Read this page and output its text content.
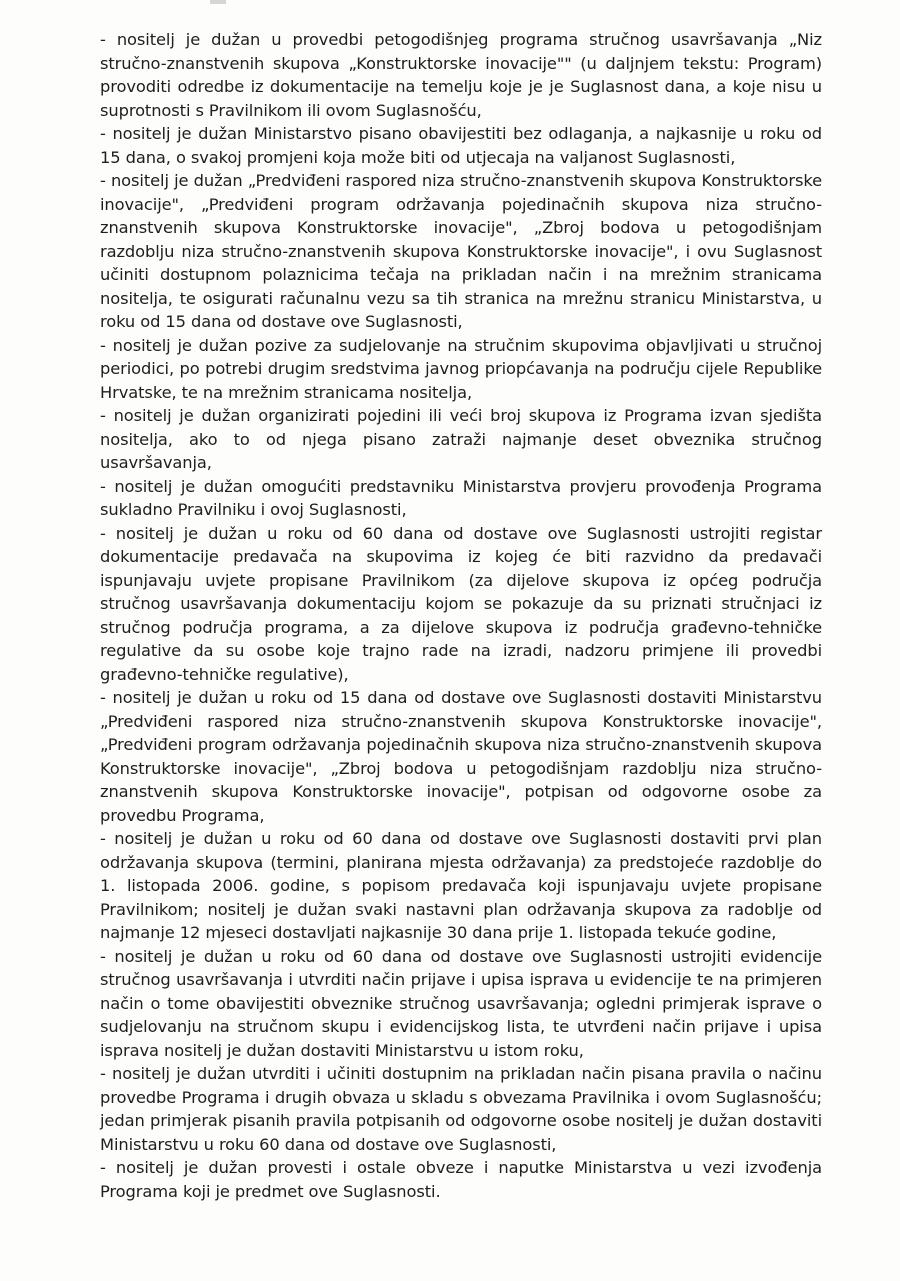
- nositelj je dužan u provedbi petogodišnjeg programa stručnog usavršavanja „Niz stručno-znanstvenih skupova „Konstruktorske inovacije"" (u daljnjem tekstu: Program) provoditi odredbe iz dokumentacije na temelju koje je je Suglasnost dana, a koje nisu u suprotnosti s Pravilnikom ili ovom Suglasnošću,

- nositelj je dužan Ministarstvo pisano obavijestiti bez odlaganja, a najkasnije u roku od 15 dana, o svakoj promjeni koja može biti od utjecaja na valjanost Suglasnosti,

- nositelj je dužan „Predviđeni raspored niza stručno-znanstvenih skupova Konstruktorske inovacije", „Predviđeni program održavanja pojedinačnih skupova niza stručno-znanstvenih skupova Konstruktorske inovacije", „Zbroj bodova u petogodišnjam razdoblju niza stručno-znanstvenih skupova Konstruktorske inovacije", i ovu Suglasnost učiniti dostupnom polaznicima tečaja na prikladan način i na mrežnim stranicama nositelja, te osigurati računalnu vezu sa tih stranica na mrežnu stranicu Ministarstva, u roku od 15 dana od dostave ove Suglasnosti,

- nositelj je dužan pozive za sudjelovanje na stručnim skupovima objavljivati u stručnoj periodici, po potrebi drugim sredstvima javnog priopćavanja na području cijele Republike Hrvatske, te na mrežnim stranicama nositelja,

- nositelj je dužan organizirati pojedini ili veći broj skupova iz Programa izvan sjedišta nositelja, ako to od njega pisano zatraži najmanje deset obveznika stručnog usavršavanja,

- nositelj je dužan omogućiti predstavniku Ministarstva provjeru provođenja Programa sukladno Pravilniku i ovoj Suglasnosti,

- nositelj je dužan u roku od 60 dana od dostave ove Suglasnosti ustrojiti registar dokumentacije predavača na skupovima iz kojeg će biti razvidno da predavači ispunjavaju uvjete propisane Pravilnikom (za dijelove skupova iz općeg područja stručnog usavršavanja dokumentaciju kojom se pokazuje da su priznati stručnjaci iz stručnog područja programa, a za dijelove skupova iz područja građevno-tehničke regulative da su osobe koje trajno rade na izradi, nadzoru primjene ili provedbi građevno-tehničke regulative),

- nositelj je dužan u roku od 15 dana od dostave ove Suglasnosti dostaviti Ministarstvu „Predviđeni raspored niza stručno-znanstvenih skupova Konstruktorske inovacije", „Predviđeni program održavanja pojedinačnih skupova niza stručno-znanstvenih skupova Konstruktorske inovacije", „Zbroj bodova u petogodišnjam razdoblju niza stručno-znanstvenih skupova Konstruktorske inovacije", potpisan od odgovorne osobe za provedbu Programa,

- nositelj je dužan u roku od 60 dana od dostave ove Suglasnosti dostaviti prvi plan održavanja skupova (termini, planirana mjesta održavanja) za predstojeće razdoblje do 1. listopada 2006. godine, s popisom predavača koji ispunjavaju uvjete propisane Pravilnikom; nositelj je dužan svaki nastavni plan održavanja skupova za radoblje od najmanje 12 mjeseci dostavljati najkasnije 30 dana prije 1. listopada tekuće godine,

- nositelj je dužan u roku od 60 dana od dostave ove Suglasnosti ustrojiti evidencije stručnog usavršavanja i utvrditi način prijave i upisa isprava u evidencije te na primjeren način o tome obavijestiti obveznike stručnog usavršavanja; ogledni primjerak isprave o sudjelovanju na stručnom skupu i evidencijskog lista, te utvrđeni način prijave i upisa isprava nositelj je dužan dostaviti Ministarstvu u istom roku,

- nositelj je dužan utvrditi i učiniti dostupnim na prikladan način pisana pravila o načinu provedbe Programa i drugih obvaza u skladu s obvezama Pravilnika i ovom Suglasnošću; jedan primjerak pisanih pravila potpisanih od odgovorne osobe nositelj je dužan dostaviti Ministarstvu u roku 60 dana od dostave ove Suglasnosti,

- nositelj je dužan provesti i ostale obveze i naputke Ministarstva u vezi izvođenja Programa koji je predmet ove Suglasnosti.
